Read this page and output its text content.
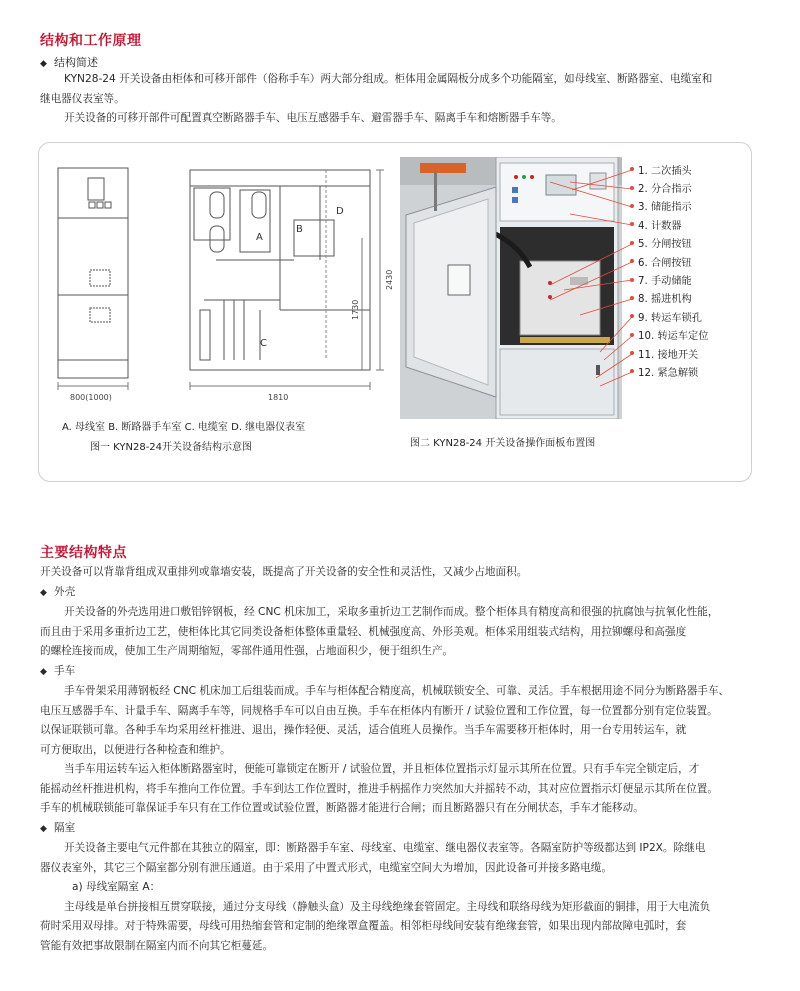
结构和工作原理
◆ 结构简述
KYN28-24 开关设备由柜体和可移开部件（俗称手车）两大部分组成。柜体用金属隔板分成多个功能隔室，如母线室、断路器室、电缆室和
继电器仪表室等。
开关设备的可移开部件可配置真空断路器手车、电压互感器手车、避雷器手车、隔离手车和熔断器手车等。
A
B
C
D
800(1000)	1810
2430
1730
A. 母线室 B. 断路器手车室 C. 电缆室 D. 继电器仪表室
图一 KYN28-24开关设备结构示意图
1. 二次插头
2. 分合指示
3. 储能指示
4. 计数器
5. 分闸按钮
6. 合闸按钮
7. 手动储能
8. 摇进机构
9. 转运车锁孔
10. 转运车定位
11. 接地开关
12. 紧急解锁
图二 KYN28-24 开关设备操作面板布置图
主要结构特点
开关设备可以背靠背组成双重排列或靠墙安装，既提高了开关设备的安全性和灵活性，又减少占地面积。
◆ 外壳
开关设备的外壳选用进口敷铝锌钢板，经 CNC 机床加工，采取多重折边工艺制作而成。整个柜体具有精度高和很强的抗腐蚀与抗氧化性能，
而且由于采用多重折边工艺，使柜体比其它同类设备柜体整体重量轻、机械强度高、外形美观。柜体采用组装式结构，用拉铆螺母和高强度
的螺栓连接而成，使加工生产周期缩短，零部件通用性强，占地面积少，便于组织生产。
◆ 手车
手车骨架采用薄钢板经 CNC 机床加工后组装而成。手车与柜体配合精度高，机械联锁安全、可靠、灵活。手车根据用途不同分为断路器手车、
电压互感器手车、计量手车、隔离手车等，同规格手车可以自由互换。手车在柜体内有断开 / 试验位置和工作位置，每一位置都分别有定位装置。
以保证联锁可靠。各种手车均采用丝杆推进、退出，操作轻便、灵活，适合值班人员操作。当手车需要移开柜体时，用一台专用转运车，就
可方便取出，以便进行各种检查和维护。
当手车用运转车运入柜体断路器室时，便能可靠锁定在断开 / 试验位置，并且柜体位置指示灯显示其所在位置。只有手车完全锁定后，才
能摇动丝杆推进机构，将手车推向工作位置。手车到达工作位置时，推进手柄摇作力突然加大并摇转不动，其对应位置指示灯便显示其所在位置。
手车的机械联锁能可靠保证手车只有在工作位置或试验位置，断路器才能进行合闸；而且断路器只有在分闸状态，手车才能移动。
◆ 隔室
开关设备主要电气元件都在其独立的隔室，即：断路器手车室、母线室、电缆室、继电器仪表室等。各隔室防护等级都达到 IP2X。除继电
器仪表室外，其它三个隔室都分别有泄压通道。由于采用了中置式形式，电缆室空间大为增加，因此设备可并接多路电缆。
a) 母线室隔室 A：
主母线是单台拼接相互贯穿联接，通过分支母线（静触头盒）及主母线绝缘套管固定。主母线和联络母线为矩形截面的铜排，用于大电流负
荷时采用双母排。对于特殊需要，母线可用热缩套管和定制的绝缘罩盒覆盖。相邻柜母线间安装有绝缘套管，如果出现内部故障电弧时，套
管能有效把事故限制在隔室内而不向其它柜蔓延。
